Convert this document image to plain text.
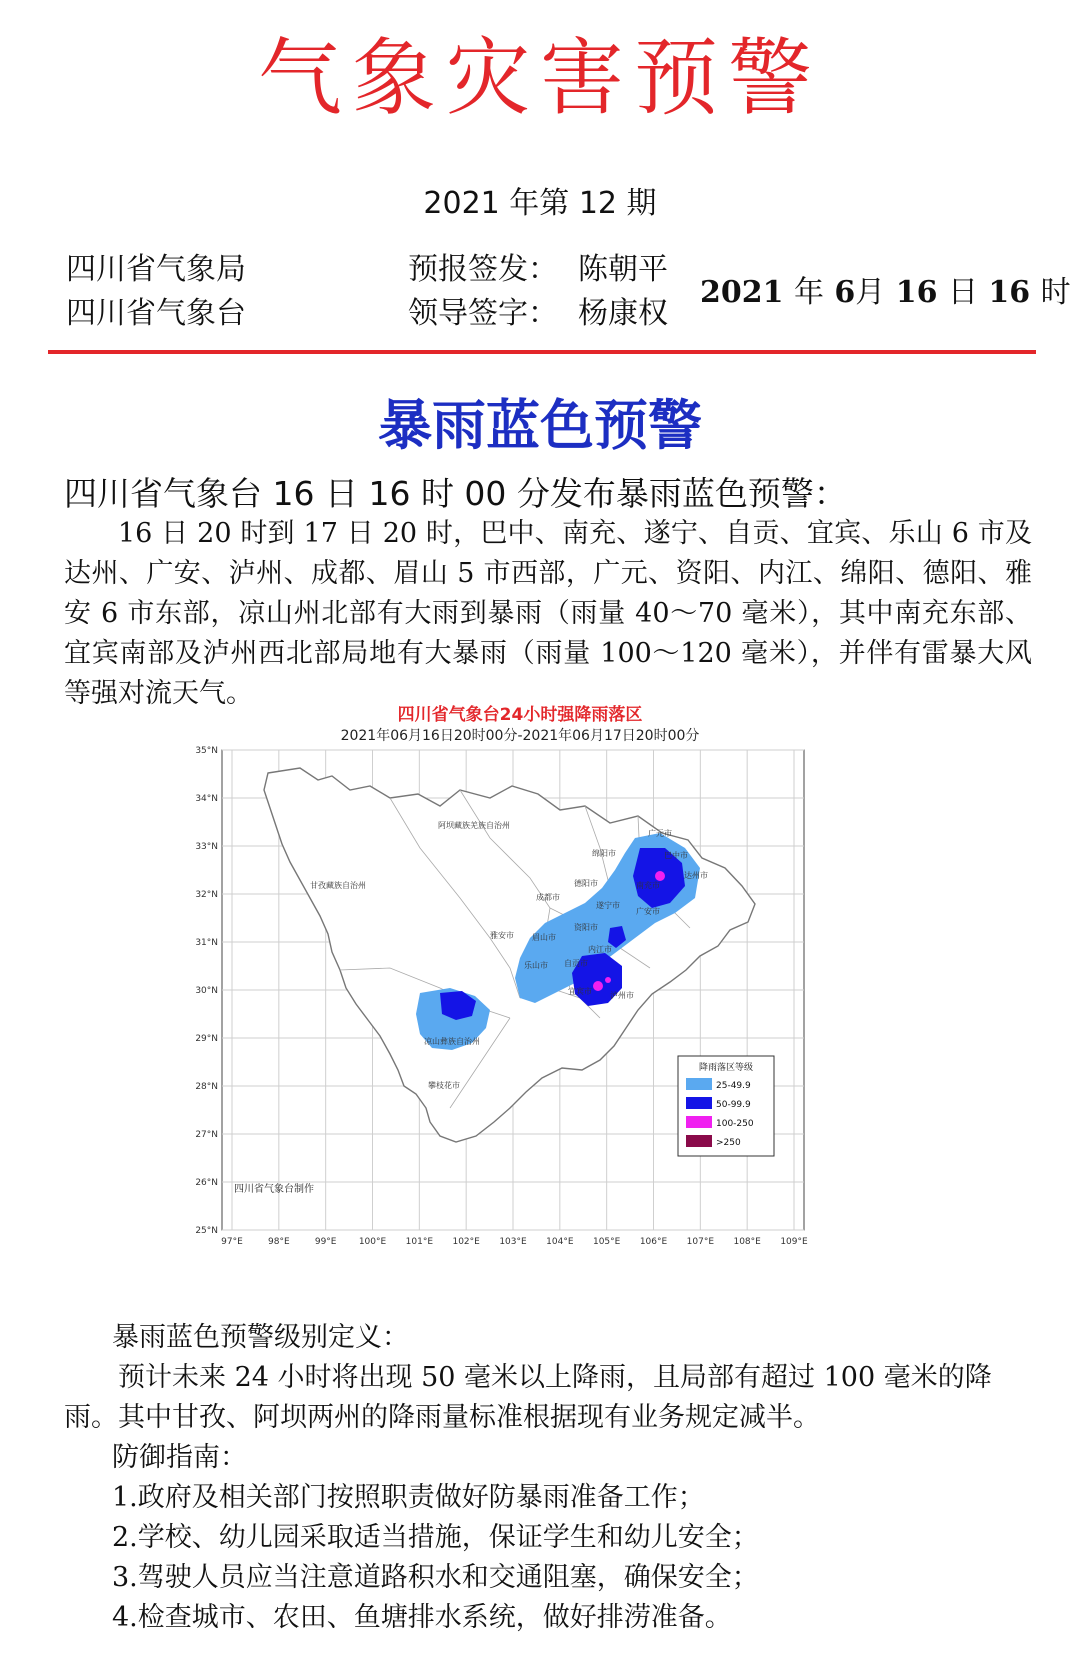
气象灾害预警
2021 年第 12 期
四川省气象局
四川省气象台
预报签发：
领导签字：
陈朝平
杨康权
2021 年 6月 16 日 16 时
暴雨蓝色预警
四川省气象台 16 日 16 时 00 分发布暴雨蓝色预警：
16 日 20 时到 17 日 20 时，巴中、南充、遂宁、自贡、宜宾、乐山 6 市及达州、广安、泸州、成都、眉山 5 市西部，广元、资阳、内江、绵阳、德阳、雅安 6 市东部，凉山州北部有大雨到暴雨（雨量 40～70 毫米），其中南充东部、宜宾南部及泸州西北部局地有大暴雨（雨量 100～120 毫米），并伴有雷暴大风等强对流天气。
四川省气象台24小时强降雨落区
2021年06月16日20时00分-2021年06月17日20时00分
35°N
34°N
33°N
32°N
31°N
30°N
29°N
28°N
27°N
26°N
25°N
97°E	98°E	99°E 100°E 101°E 102°E 103°E 104°E 105°E 106°E 107°E 108°E 109°E
阿坝藏族羌族自治州
甘孜藏族自治州
凉山彝族自治州
攀枝花市
广元市
巴中市
达州市
绵阳市
南充市
德阳市
成都市
遂宁市
广安市
资阳市
眉山市
雅安市
内江市
乐山市 自贡市
宜宾市 泸州市
降雨落区等级
25-49.9
50-99.9
100-250
>250
四川省气象台制作
暴雨蓝色预警级别定义：
预计未来 24 小时将出现 50 毫米以上降雨，且局部有超过 100 毫米的降雨。其中甘孜、阿坝两州的降雨量标准根据现有业务规定减半。
防御指南：
1.政府及相关部门按照职责做好防暴雨准备工作；
2.学校、幼儿园采取适当措施，保证学生和幼儿安全；
3.驾驶人员应当注意道路积水和交通阻塞，确保安全；
4.检查城市、农田、鱼塘排水系统，做好排涝准备。
